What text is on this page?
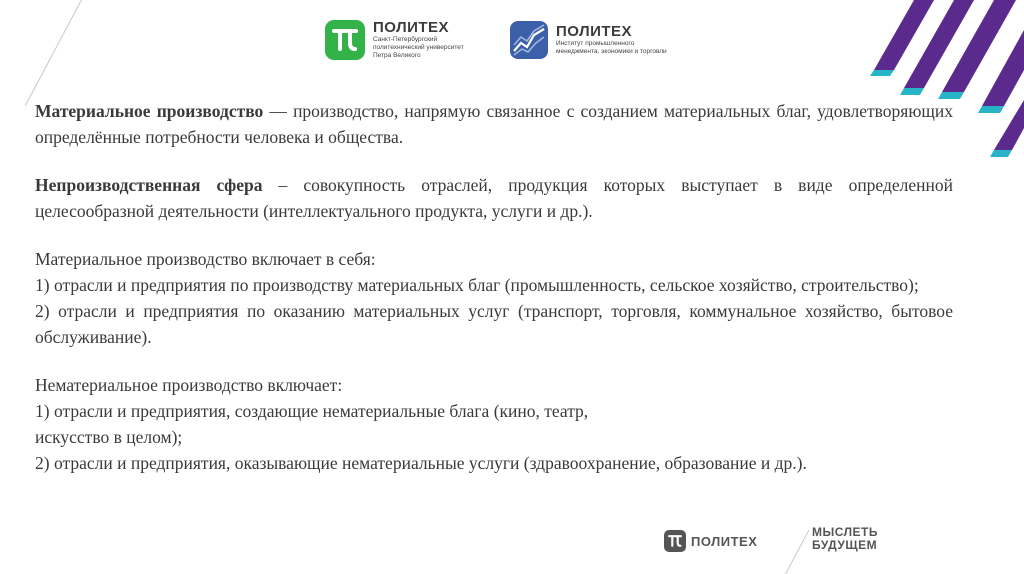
ПОЛИТЕХ
Санкт-Петербургский
политехнический университет
Петра Великого
ПОЛИТЕХ
Институт промышленного
менеджмента, экономики и торговли

Материальное производство — производство, напрямую связанное с созданием материальных благ, удовлетворяющих определённые потребности человека и общества.

Непроизводственная сфера – совокупность отраслей, продукция которых выступает в виде определенной целесообразной деятельности (интеллектуального продукта, услуги и др.).

Материальное производство включает в себя:

1) отрасли и предприятия по производству материальных благ (промышленность, сельское хозяйство, строительство);

2) отрасли и предприятия по оказанию материальных услуг (транспорт, торговля, коммунальное хозяйство, бытовое обслуживание).

Нематериальное производство включает:

1) отрасли и предприятия, создающие нематериальные блага (кино, театр,

искусство в целом);

2) отрасли и предприятия, оказывающие нематериальные услуги (здравоохранение, образование и др.).

ПОЛИТЕХ
МЫСЛЕТЬ
БУДУЩЕМ
